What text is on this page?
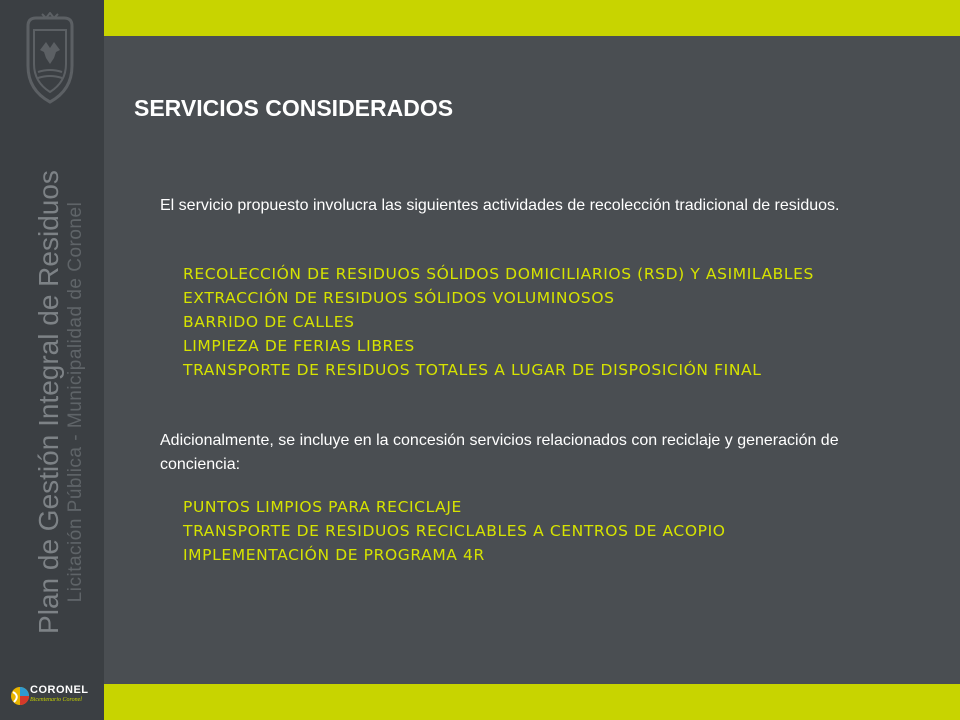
Plan de Gestión Integral de Residuos Licitación Pública - Municipalidad de Coronel
CORONEL
Bicentenario Coronel
SERVICIOS CONSIDERADOS

El servicio propuesto involucra las siguientes actividades de recolección tradicional de residuos.

RECOLECCIÓN DE RESIDUOS SÓLIDOS DOMICILIARIOS (RSD) Y ASIMILABLES
EXTRACCIÓN DE RESIDUOS SÓLIDOS VOLUMINOSOS
BARRIDO DE CALLES
LIMPIEZA DE FERIAS LIBRES
TRANSPORTE DE RESIDUOS TOTALES A LUGAR DE DISPOSICIÓN FINAL

Adicionalmente, se incluye en la concesión servicios relacionados con reciclaje y generación de conciencia:

PUNTOS LIMPIOS PARA RECICLAJE
TRANSPORTE DE RESIDUOS RECICLABLES A CENTROS DE ACOPIO
IMPLEMENTACIÓN DE PROGRAMA 4R
